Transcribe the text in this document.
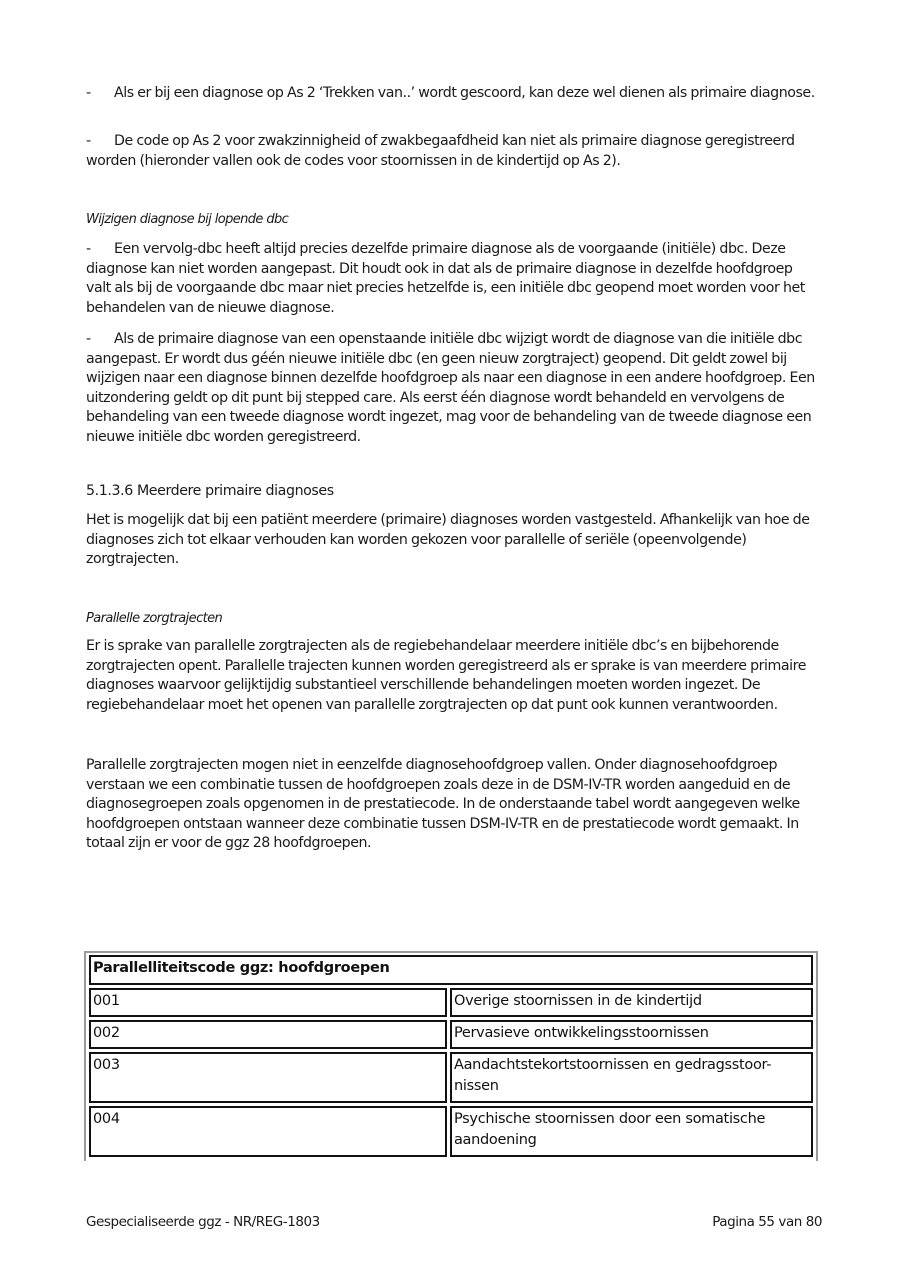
- Als er bij een diagnose op As 2 ‘Trekken van..’ wordt gescoord, kan deze wel dienen als primaire diagnose.

- De code op As 2 voor zwakzinnigheid of zwakbegaafdheid kan niet als primaire diagnose geregistreerd worden (hieronder vallen ook de codes voor stoornissen in de kindertijd op As 2).

Wijzigen diagnose bij lopende dbc

- Een vervolg-dbc heeft altijd precies dezelfde primaire diagnose als de voorgaande (initiële) dbc. Deze diagnose kan niet worden aangepast. Dit houdt ook in dat als de primaire diagnose in dezelfde hoofdgroep valt als bij de voorgaande dbc maar niet precies hetzelfde is, een initiële dbc geopend moet worden voor het behandelen van de nieuwe diagnose.

- Als de primaire diagnose van een openstaande initiële dbc wijzigt wordt de diagnose van die initiële dbc aangepast. Er wordt dus géén nieuwe initiële dbc (en geen nieuw zorgtraject) geopend. Dit geldt zowel bij wijzigen naar een diagnose binnen dezelfde hoofdgroep als naar een diagnose in een andere hoofdgroep. Een uitzondering geldt op dit punt bij stepped care. Als eerst één diagnose wordt behandeld en vervolgens de behandeling van een tweede diagnose wordt ingezet, mag voor de behandeling van de tweede diagnose een nieuwe initiële dbc worden geregistreerd.

5.1.3.6 Meerdere primaire diagnoses

Het is mogelijk dat bij een patiënt meerdere (primaire) diagnoses worden vastgesteld. Afhankelijk van hoe de diagnoses zich tot elkaar verhouden kan worden gekozen voor parallelle of seriële (opeenvolgende) zorgtrajecten.

Parallelle zorgtrajecten

Er is sprake van parallelle zorgtrajecten als de regiebehandelaar meerdere initiële dbc’s en bijbehorende zorgtrajecten opent. Parallelle trajecten kunnen worden geregistreerd als er sprake is van meerdere primaire diagnoses waarvoor gelijktijdig substantieel verschillende behandelingen moeten worden ingezet. De regiebehandelaar moet het openen van parallelle zorgtrajecten op dat punt ook kunnen verantwoorden.

Parallelle zorgtrajecten mogen niet in eenzelfde diagnosehoofdgroep vallen. Onder diagnosehoofdgroep verstaan we een combinatie tussen de hoofdgroepen zoals deze in de DSM-IV-TR worden aangeduid en de diagnosegroepen zoals opgenomen in de prestatiecode. In de onderstaande tabel wordt aangegeven welke hoofdgroepen ontstaan wanneer deze combinatie tussen DSM-IV-TR en de prestatiecode wordt gemaakt. In totaal zijn er voor de ggz 28 hoofdgroepen.

Parallelliteitscode ggz: hoofdgroepen	
001	Overige stoornissen in de kindertijd
002	Pervasieve ontwikkelingsstoornissen
003	Aandachtstekortstoornissen en gedragsstoor-nissen
004	Psychische stoornissen door een somatische aandoening
Gespecialiseerde ggz - NR/REG-1803	Pagina 55 van 80
